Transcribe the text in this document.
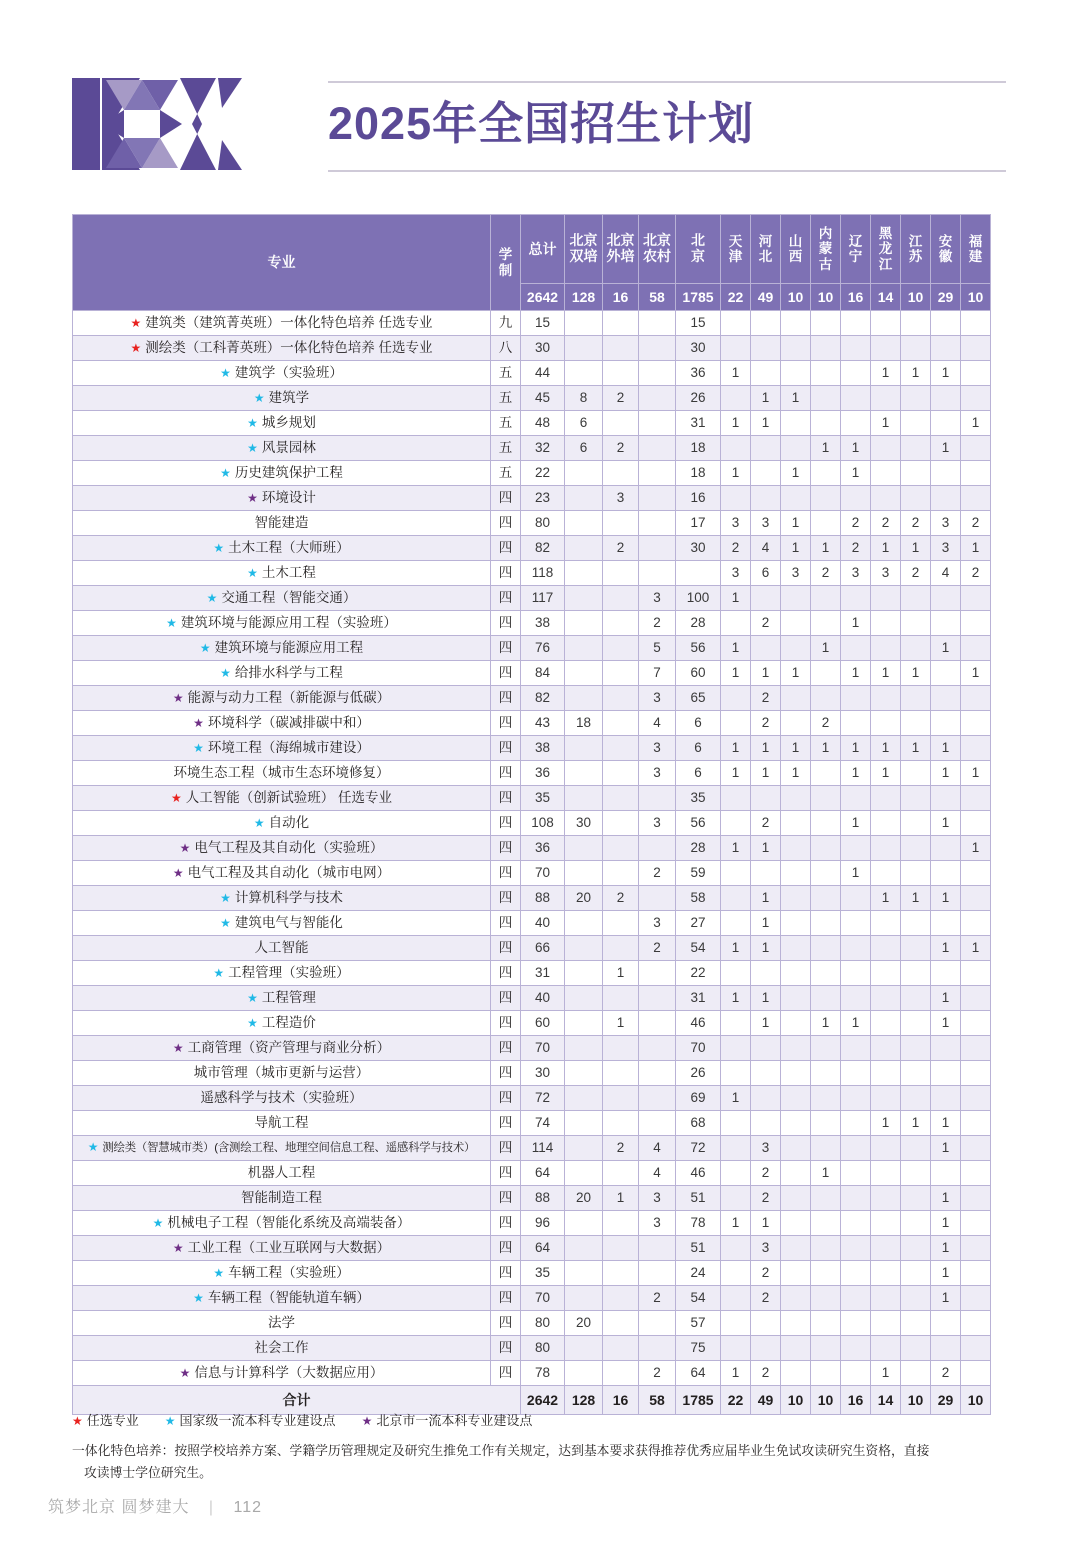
2025年全国招生计划
专业	学制	总计	北京双培	北京外培	北京农村	北京	天津	河北	山西	内蒙古	辽宁	黑龙江	江苏	安徽	福建

		2642	128	16	58	1785	22	49	10	10	16	14	10	29	10
★ 建筑类（建筑菁英班）一体化特色培养 任选专业	九	15				15									
★ 测绘类（工科菁英班）一体化特色培养 任选专业	八	30				30									
★ 建筑学（实验班）	五	44				36	1					1	1	1	
★ 建筑学	五	45	8	2		26		1	1						
★ 城乡规划	五	48	6			31	1	1				1			1
★ 风景园林	五	32	6	2		18				1	1			1	
★ 历史建筑保护工程	五	22				18	1		1		1				
★ 环境设计	四	23		3		16									
智能建造	四	80				17	3	3	1		2	2	2	3	2
★ 土木工程（大师班）	四	82		2		30	2	4	1	1	2	1	1	3	1
★ 土木工程	四	118					3	6	3	2	3	3	2	4	2
★ 交通工程（智能交通）	四	117			3	100	1								
★ 建筑环境与能源应用工程（实验班）	四	38			2	28		2			1				
★ 建筑环境与能源应用工程	四	76			5	56	1			1				1	
★ 给排水科学与工程	四	84			7	60	1	1	1		1	1	1		1
★ 能源与动力工程（新能源与低碳）	四	82			3	65		2							
★ 环境科学（碳减排碳中和）	四	43	18		4	6		2		2					
★ 环境工程（海绵城市建设）	四	38			3	6	1	1	1	1	1	1	1	1	
环境生态工程（城市生态环境修复）	四	36			3	6	1	1	1		1	1		1	1
★ 人工智能（创新试验班） 任选专业	四	35				35									
★ 自动化	四	108	30		3	56		2			1			1	
★ 电气工程及其自动化（实验班）	四	36				28	1	1							1
★ 电气工程及其自动化（城市电网）	四	70			2	59					1				
★ 计算机科学与技术	四	88	20	2		58		1				1	1	1	
★ 建筑电气与智能化	四	40			3	27		1							
人工智能	四	66			2	54	1	1						1	1
★ 工程管理（实验班）	四	31		1		22									
★ 工程管理	四	40				31	1	1						1	
★ 工程造价	四	60		1		46		1		1	1			1	
★ 工商管理（资产管理与商业分析）	四	70				70									
城市管理（城市更新与运营）	四	30				26									
遥感科学与技术（实验班）	四	72				69	1								
导航工程	四	74				68						1	1	1	
★ 测绘类（智慧城市类）(含测绘工程、地理空间信息工程、遥感科学与技术）	四	114		2	4	72		3						1	
机器人工程	四	64			4	46		2		1					
智能制造工程	四	88	20	1	3	51		2						1	
★ 机械电子工程（智能化系统及高端装备）	四	96			3	78	1	1						1	
★ 工业工程（工业互联网与大数据）	四	64				51		3						1	
★ 车辆工程（实验班）	四	35				24		2						1	
★ 车辆工程（智能轨道车辆）	四	70			2	54		2						1	
法学	四	80	20			57									
社会工作	四	80				75									
★ 信息与计算科学（大数据应用）	四	78			2	64	1	2				1		2	
合计		2642	128	16	58	1785	22	49	10	10	16	14	10	29	10
★ 任选专业 ★ 国家级一流本科专业建设点 ★ 北京市一流本科专业建设点
一体化特色培养：按照学校培养方案、学籍学历管理规定及研究生推免工作有关规定，达到基本要求获得推荐优秀应届毕业生免试攻读研究生资格，直接
攻读博士学位研究生。
筑梦北京 圆梦建大 | 112
